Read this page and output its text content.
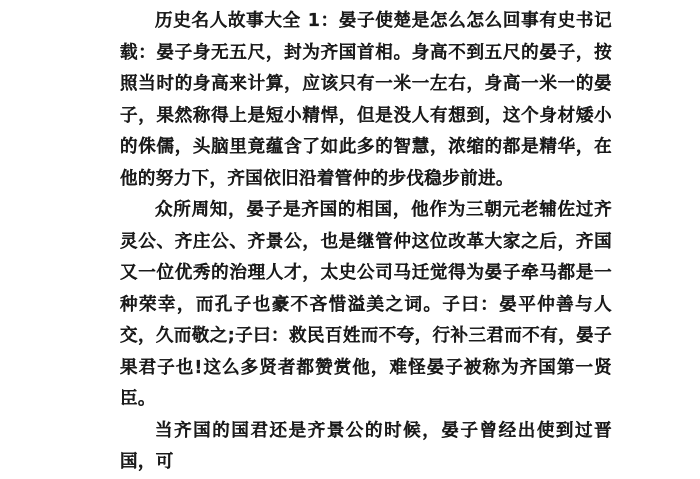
历史名人故事大全 1：晏子使楚是怎么怎么回事有史书记载：晏子身无五尺，封为齐国首相。身高不到五尺的晏子，按照当时的身高来计算，应该只有一米一左右，身高一米一的晏子，果然称得上是短小精悍，但是没人有想到，这个身材矮小的侏儒，头脑里竟蕴含了如此多的智慧，浓缩的都是精华，在他的努力下，齐国依旧沿着管仲的步伐稳步前进。

众所周知，晏子是齐国的相国，他作为三朝元老辅佐过齐灵公、齐庄公、齐景公，也是继管仲这位改革大家之后，齐国又一位优秀的治理人才，太史公司马迁觉得为晏子牵马都是一种荣幸，而孔子也豪不吝惜溢美之词。子曰：晏平仲善与人交，久而敬之;子曰：救民百姓而不夸，行补三君而不有，晏子果君子也!这么多贤者都赞赏他，难怪晏子被称为齐国第一贤臣。

当齐国的国君还是齐景公的时候，晏子曾经出使到过晋国，可
